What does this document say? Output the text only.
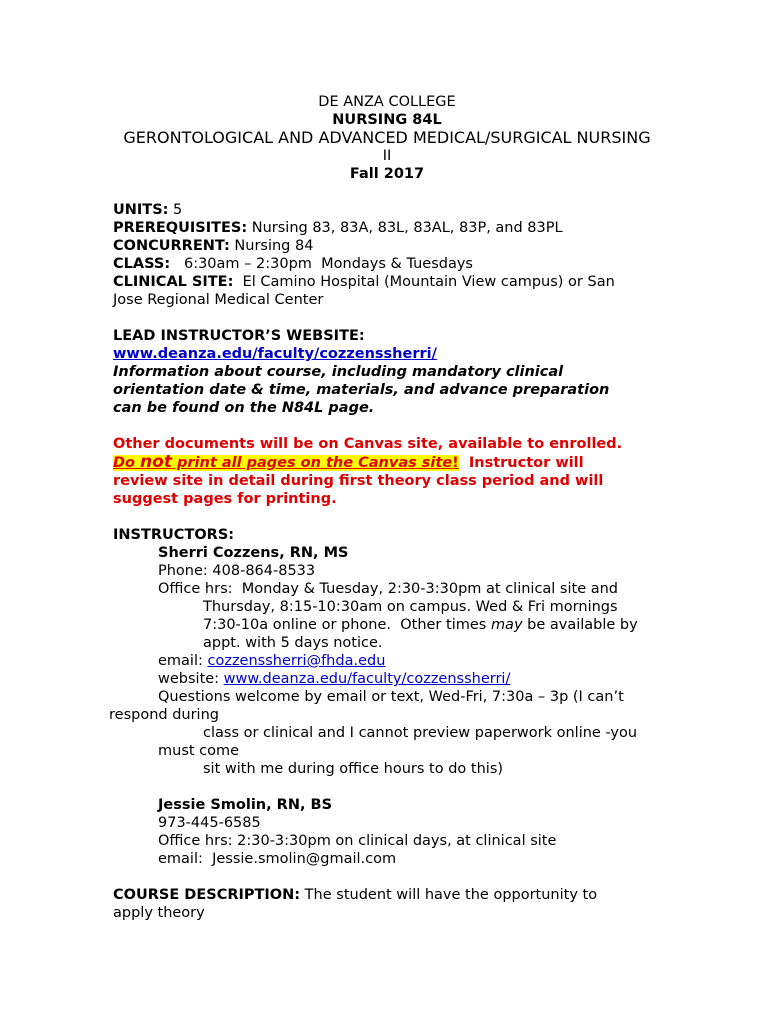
DE ANZA COLLEGE

NURSING 84L

GERONTOLOGICAL AND ADVANCED MEDICAL/SURGICAL NURSING

II

Fall 2017

UNITS: 5

PREREQUISITES: Nursing 83, 83A, 83L, 83AL, 83P, and 83PL

CONCURRENT: Nursing 84

CLASS:   6:30am – 2:30pm  Mondays & Tuesdays

CLINICAL SITE:  El Camino Hospital (Mountain View campus) or San

Jose Regional Medical Center

LEAD INSTRUCTOR’S WEBSITE:

www.deanza.edu/faculty/cozzenssherri/

Information about course, including mandatory clinical

orientation date & time, materials, and advance preparation

can be found on the N84L page.

Other documents will be on Canvas site, available to enrolled.

Do not print all pages on the Canvas site!  Instructor will

review site in detail during first theory class period and will

suggest pages for printing.

INSTRUCTORS:

Sherri Cozzens, RN, MS

Phone: 408-864-8533

Office hrs:  Monday & Tuesday, 2:30-3:30pm at clinical site and

Thursday, 8:15-10:30am on campus. Wed & Fri mornings

7:30-10a online or phone.  Other times may be available by

appt. with 5 days notice.

email: cozzenssherri@fhda.edu

website: www.deanza.edu/faculty/cozzenssherri/

Questions welcome by email or text, Wed-Fri, 7:30a – 3p (I can’t

respond during

class or clinical and I cannot preview paperwork online -you

must come

sit with me during office hours to do this)

Jessie Smolin, RN, BS

973-445-6585

Office hrs: 2:30-3:30pm on clinical days, at clinical site

email:  Jessie.smolin@gmail.com

COURSE DESCRIPTION: The student will have the opportunity to

apply theory
